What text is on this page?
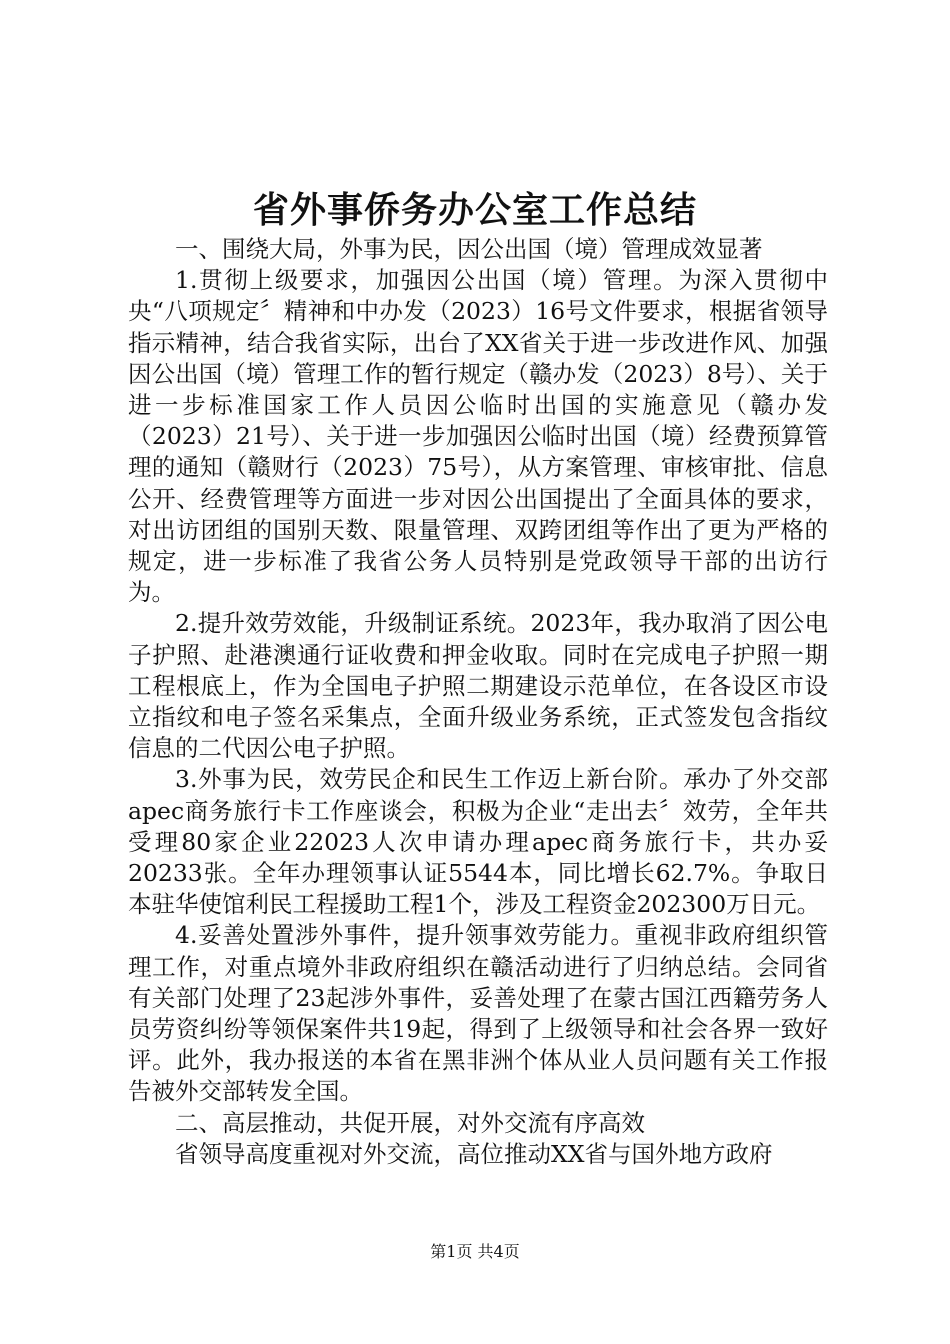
省外事侨务办公室工作总结

一、围绕大局，外事为民，因公出国（境）管理成效显著

1.贯彻上级要求，加强因公出国（境）管理。为深入贯彻中央“八项规定〞精神和中办发（2023）16号文件要求，根据省领导指示精神，结合我省实际，出台了XX省关于进一步改进作风、加强因公出国（境）管理工作的暂行规定（赣办发（2023）8号）、关于进一步标准国家工作人员因公临时出国的实施意见（赣办发（2023）21号）、关于进一步加强因公临时出国（境）经费预算管理的通知（赣财行（2023）75号），从方案管理、审核审批、信息公开、经费管理等方面进一步对因公出国提出了全面具体的要求，对出访团组的国别天数、限量管理、双跨团组等作出了更为严格的规定，进一步标准了我省公务人员特别是党政领导干部的出访行为。

2.提升效劳效能，升级制证系统。2023年，我办取消了因公电子护照、赴港澳通行证收费和押金收取。同时在完成电子护照一期工程根底上，作为全国电子护照二期建设示范单位，在各设区市设立指纹和电子签名采集点，全面升级业务系统，正式签发包含指纹信息的二代因公电子护照。

3.外事为民，效劳民企和民生工作迈上新台阶。承办了外交部apec商务旅行卡工作座谈会，积极为企业“走出去〞效劳，全年共受理80家企业22023人次申请办理apec商务旅行卡，共办妥20233张。全年办理领事认证5544本，同比增长62.7%。争取日本驻华使馆利民工程援助工程1个，涉及工程资金202300万日元。

4.妥善处置涉外事件，提升领事效劳能力。重视非政府组织管理工作，对重点境外非政府组织在赣活动进行了归纳总结。会同省有关部门处理了23起涉外事件，妥善处理了在蒙古国江西籍劳务人员劳资纠纷等领保案件共19起，得到了上级领导和社会各界一致好评。此外，我办报送的本省在黑非洲个体从业人员问题有关工作报告被外交部转发全国。

二、高层推动，共促开展，对外交流有序高效

省领导高度重视对外交流，高位推动XX省与国外地方政府

第1页 共4页
